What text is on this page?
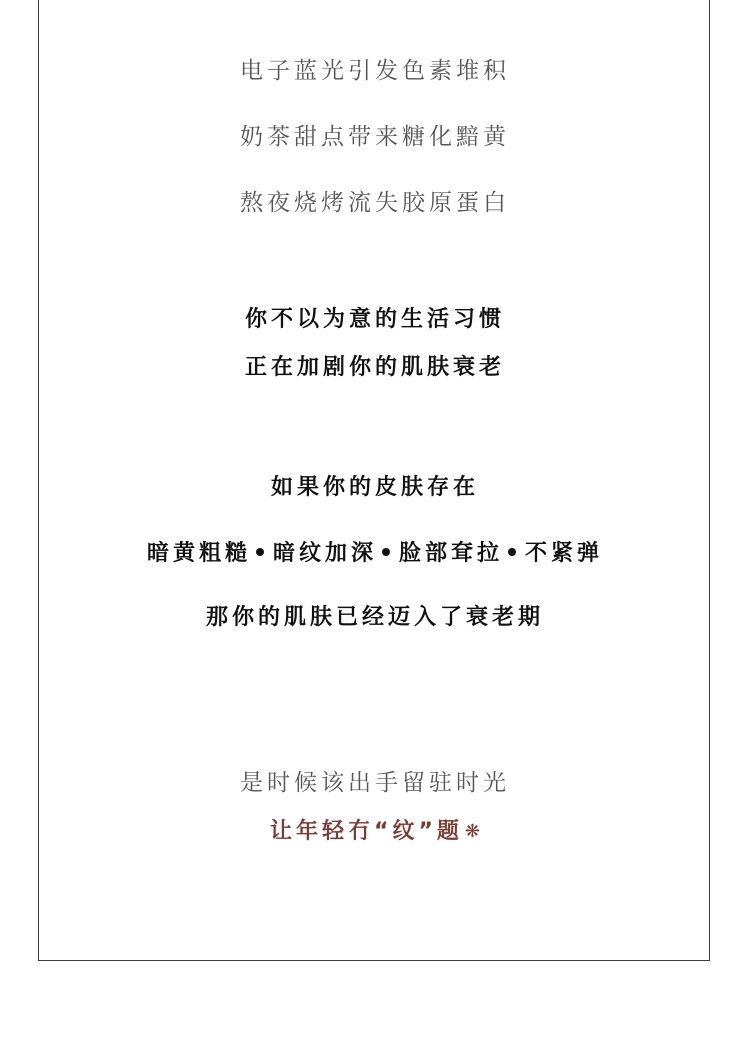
电子蓝光引发色素堆积
奶茶甜点带来糖化黯黄
熬夜烧烤流失胶原蛋白
你不以为意的生活习惯
正在加剧你的肌肤衰老
如果你的皮肤存在
暗黄粗糙 暗纹加深 脸部耷拉 不紧弹
那你的肌肤已经迈入了衰老期
是时候该出手留驻时光
让年轻冇“纹”题 ❋
